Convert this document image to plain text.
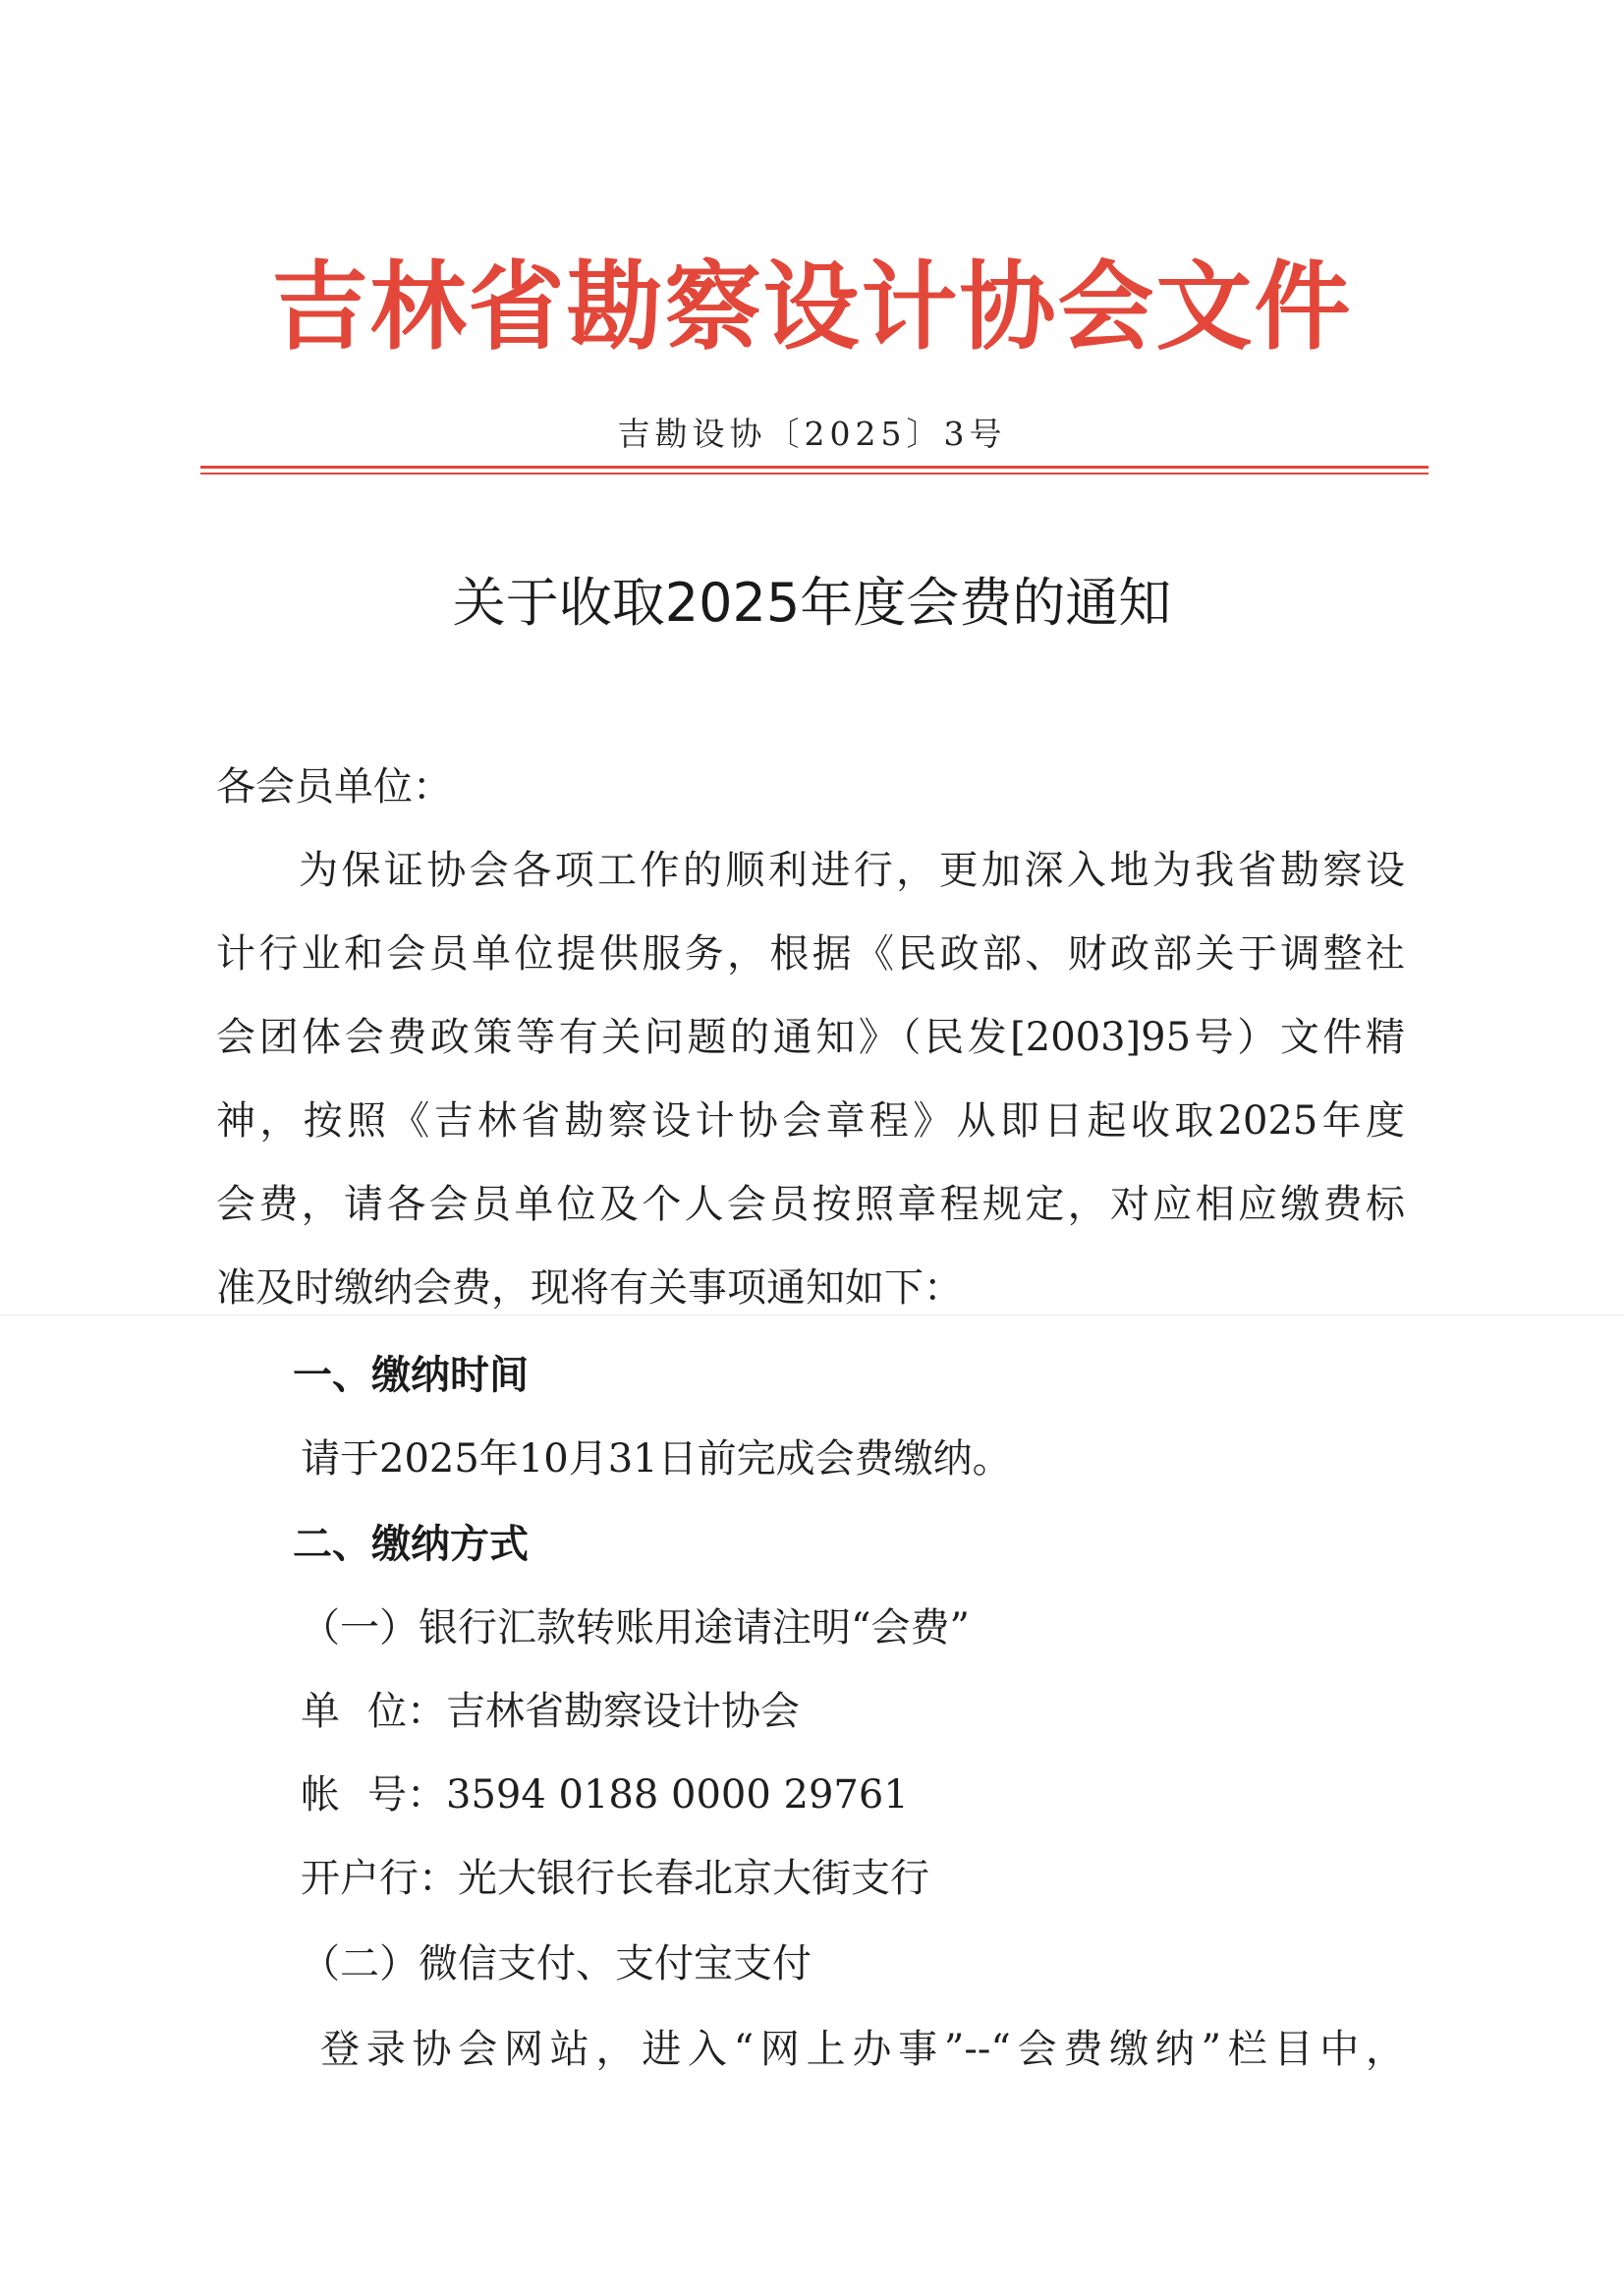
吉林省勘察设计协会文件
吉勘设协〔2025〕3号
关于收取2025年度会费的通知
各会员单位：
为保证协会各项工作的顺利进行，更加深入地为我省勘察设
计行业和会员单位提供服务，根据《民政部、财政部关于调整社
会团体会费政策等有关问题的通知》（民发[2003]95号）文件精
神，按照《吉林省勘察设计协会章程》从即日起收取2025年度
会费，请各会员单位及个人会员按照章程规定，对应相应缴费标
准及时缴纳会费，现将有关事项通知如下：
一、缴纳时间
请于2025年10月31日前完成会费缴纳。
二、缴纳方式
（一）银行汇款转账用途请注明“会费”
单位：吉林省勘察设计协会
帐号：3594 0188 0000 29761
开户行：光大银行长春北京大街支行
（二）微信支付、支付宝支付
登录协会网站，进入“网上办事”--“会费缴纳”栏目中，
